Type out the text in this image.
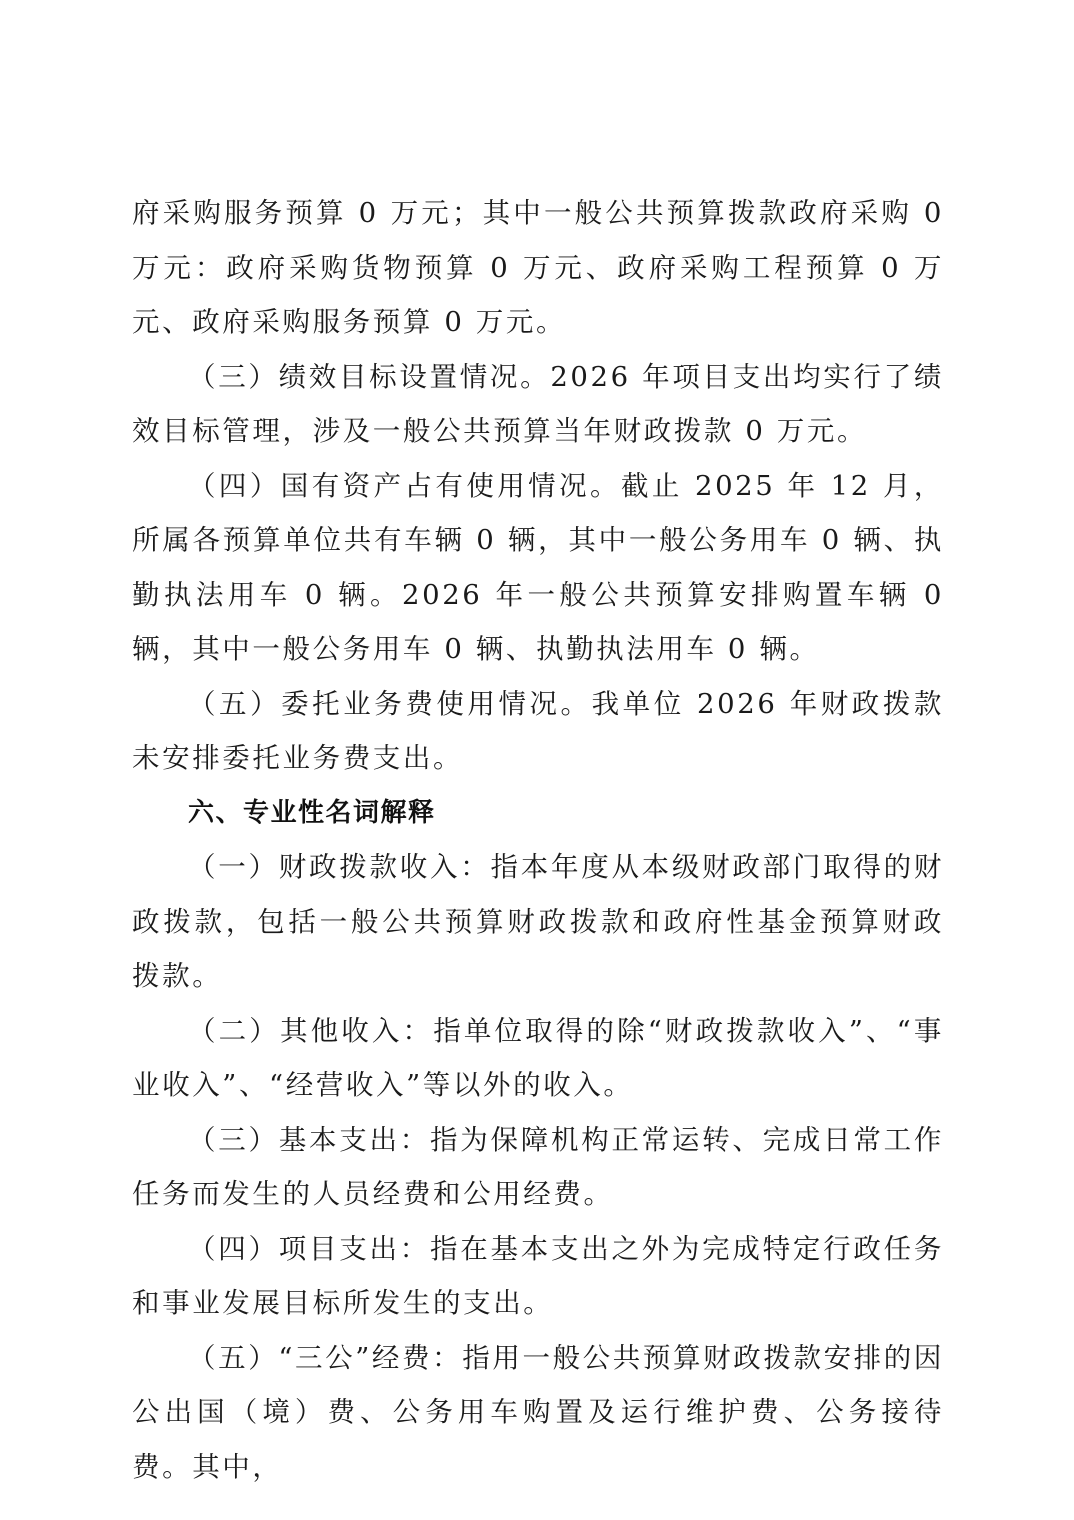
府采购服务预算 0 万元；其中一般公共预算拨款政府采购 0 万元：政府采购货物预算 0 万元、政府采购工程预算 0 万元、政府采购服务预算 0 万元。

（三）绩效目标设置情况。2026 年项目支出均实行了绩效目标管理，涉及一般公共预算当年财政拨款 0 万元。

（四）国有资产占有使用情况。截止 2025 年 12 月，所属各预算单位共有车辆 0 辆，其中一般公务用车 0 辆、执勤执法用车 0 辆。2026 年一般公共预算安排购置车辆 0 辆，其中一般公务用车 0 辆、执勤执法用车 0 辆。

（五）委托业务费使用情况。我单位 2026 年财政拨款未安排委托业务费支出。

六、专业性名词解释

（一）财政拨款收入：指本年度从本级财政部门取得的财政拨款，包括一般公共预算财政拨款和政府性基金预算财政拨款。

（二）其他收入：指单位取得的除“财政拨款收入”、“事业收入”、“经营收入”等以外的收入。

（三）基本支出：指为保障机构正常运转、完成日常工作任务而发生的人员经费和公用经费。

（四）项目支出：指在基本支出之外为完成特定行政任务和事业发展目标所发生的支出。

（五）“三公”经费：指用一般公共预算财政拨款安排的因公出国（境）费、公务用车购置及运行维护费、公务接待费。其中，
